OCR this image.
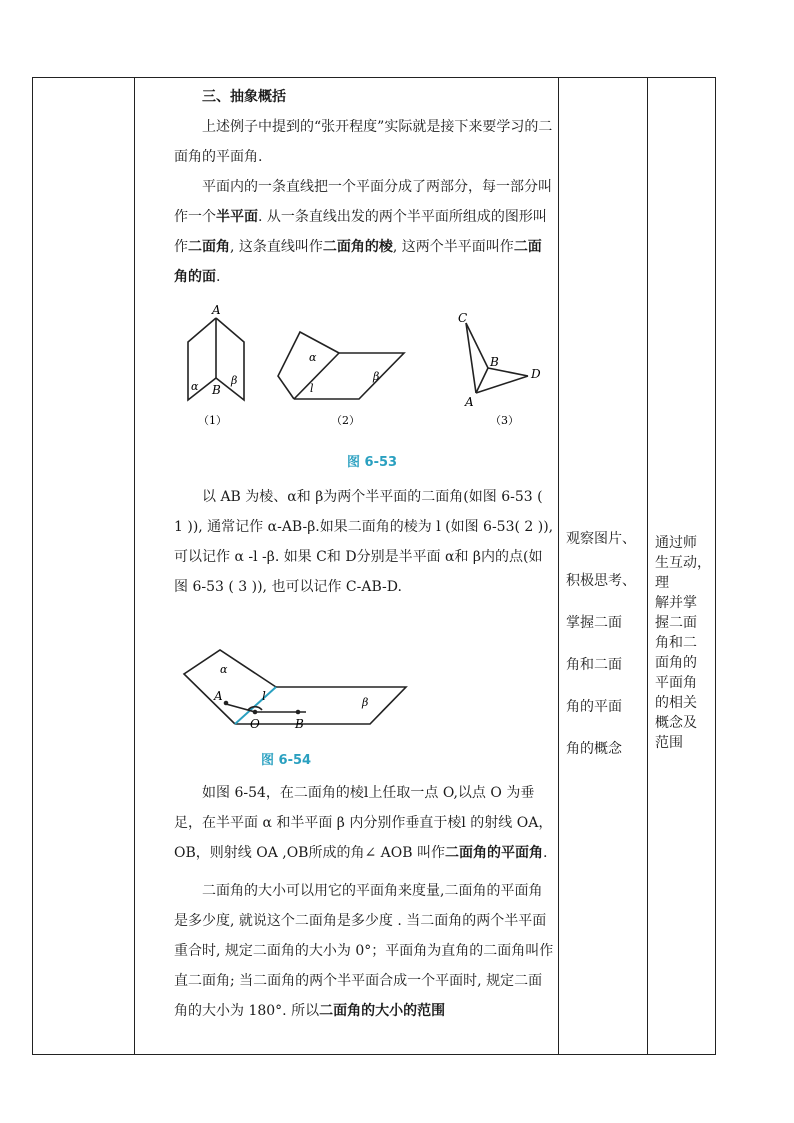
三、抽象概括

上述例子中提到的“张开程度”实际就是接下来要学习的二面角的平面角.

平面内的一条直线把一个平面分成了两部分，每一部分叫作一个半平面. 从一条直线出发的两个半平面所组成的图形叫作二面角, 这条直线叫作二面角的棱, 这两个半平面叫作二面角的面.

A
B
α	β
（1）
α
l
β
（2）
C
B
D
A
（3）
图 6-53

以 AB 为棱、α和 β为两个半平面的二面角(如图 6-53 ( 1 )), 通常记作 α-AB-β.如果二面角的棱为 l (如图 6-53( 2 )), 可以记作 α -l -β. 如果 C和 D分别是半平面 α和 β内的点(如图 6-53 ( 3 )), 也可以记作 C-AB-D.

α
β
A	l
O	B
图 6-54

如图 6-54，在二面角的棱l上任取一点 O,以点 O 为垂足，在半平面 α 和半平面 β 内分别作垂直于棱l 的射线 OA，OB，则射线 OA ,OB所成的角∠ AOB 叫作二面角的平面角.

二面角的大小可以用它的平面角来度量,二面角的平面角是多少度, 就说这个二面角是多少度 . 当二面角的两个半平面重合时, 规定二面角的大小为 0°；平面角为直角的二面角叫作直二面角; 当二面角的两个半平面合成一个平面时, 规定二面角的大小为 180°. 所以二面角的大小的范围

观察图片、
积极思考、
掌握二面
角和二面
角的平面
角的概念
通过师
生互动，
理
解并掌
握二面
角和二
面角的
平面角
的相关
概念及
范围
